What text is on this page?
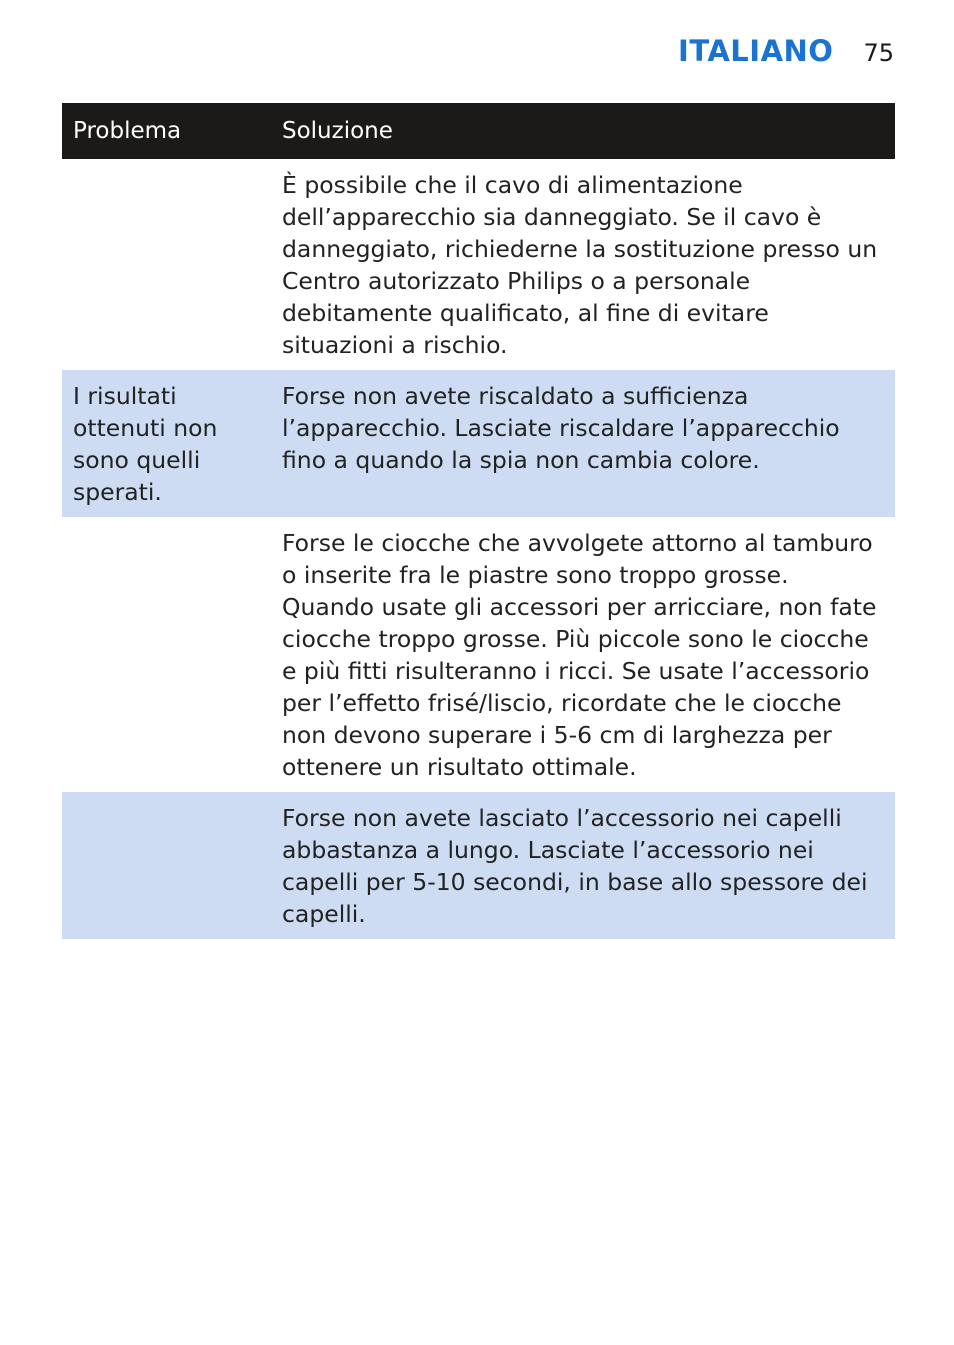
ITALIANO 75
Problema	Soluzione
	È possibile che il cavo di alimentazione dell’apparecchio sia danneggiato. Se il cavo è danneggiato, richiederne la sostituzione presso un Centro autorizzato Philips o a personale debitamente qualificato, al fine di evitare situazioni a rischio.
I risultati ottenuti non sono quelli sperati.	Forse non avete riscaldato a sufficienza l’apparecchio. Lasciate riscaldare l’apparecchio fino a quando la spia non cambia colore.
	Forse le ciocche che avvolgete attorno al tamburo o inserite fra le piastre sono troppo grosse. Quando usate gli accessori per arricciare, non fate ciocche troppo grosse. Più piccole sono le ciocche e più fitti risulteranno i ricci. Se usate l’accessorio per l’effetto frisé/liscio, ricordate che le ciocche non devono superare i 5-6 cm di larghezza per ottenere un risultato ottimale.
	Forse non avete lasciato l’accessorio nei capelli abbastanza a lungo. Lasciate l’accessorio nei capelli per 5-10 secondi, in base allo spessore dei capelli.
